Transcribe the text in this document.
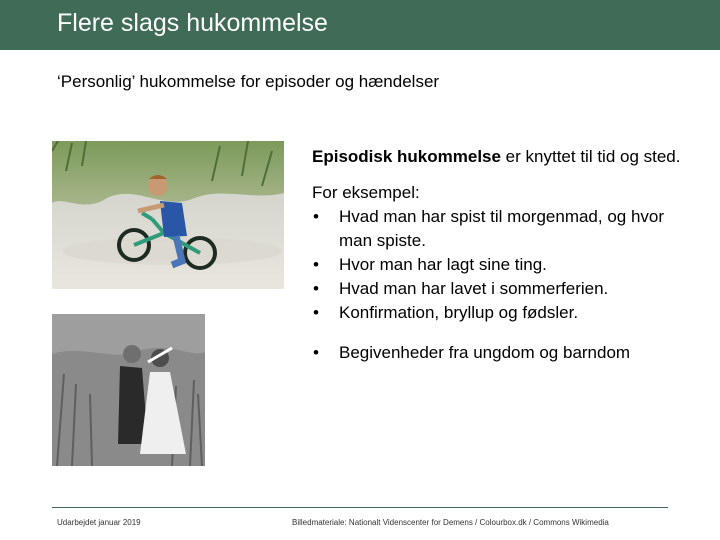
Flere slags hukommelse
‘Personlig’ hukommelse for episoder og hændelser

Episodisk hukommelse er knyttet til tid og sted.

For eksempel:

• Hvad man har spist til morgenmad, og hvor man spiste.
• Hvor man har lagt sine ting.
• Hvad man har lavet i sommerferien.
• Konfirmation, bryllup og fødsler.
• Begivenheder fra ungdom og barndom
Udarbejdet januar 2019	Billedmateriale: Nationalt Videnscenter for Demens / Colourbox.dk / Commons Wikimedia
